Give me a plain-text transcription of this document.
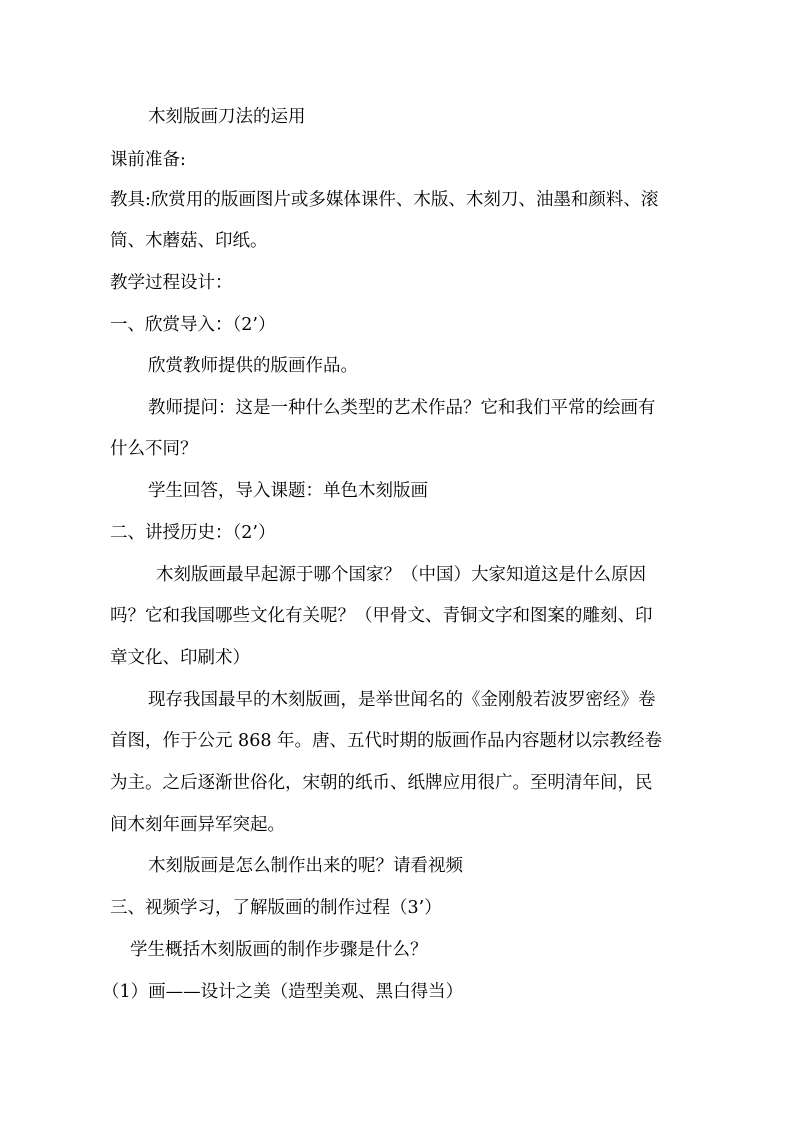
木刻版画刀法的运用
课前准备:
教具:欣赏用的版画图片或多媒体课件、木版、木刻刀、油墨和颜料、滚
筒、木蘑菇、印纸。
教学过程设计：
一、欣赏导入：（2’）
欣赏教师提供的版画作品。
教师提问：这是一种什么类型的艺术作品？它和我们平常的绘画有
什么不同？
学生回答，导入课题：单色木刻版画
二、讲授历史：（2’）
木刻版画最早起源于哪个国家？（中国）大家知道这是什么原因
吗？它和我国哪些文化有关呢？（甲骨文、青铜文字和图案的雕刻、印
章文化、印刷术）
现存我国最早的木刻版画，是举世闻名的《金刚般若波罗密经》卷
首图，作于公元 868 年。唐、五代时期的版画作品内容题材以宗教经卷
为主。之后逐渐世俗化，宋朝的纸币、纸牌应用很广。至明清年间，民
间木刻年画异军突起。
木刻版画是怎么制作出来的呢？请看视频
三、视频学习，了解版画的制作过程（3’）
学生概括木刻版画的制作步骤是什么？
（1）画——设计之美（造型美观、黑白得当）
